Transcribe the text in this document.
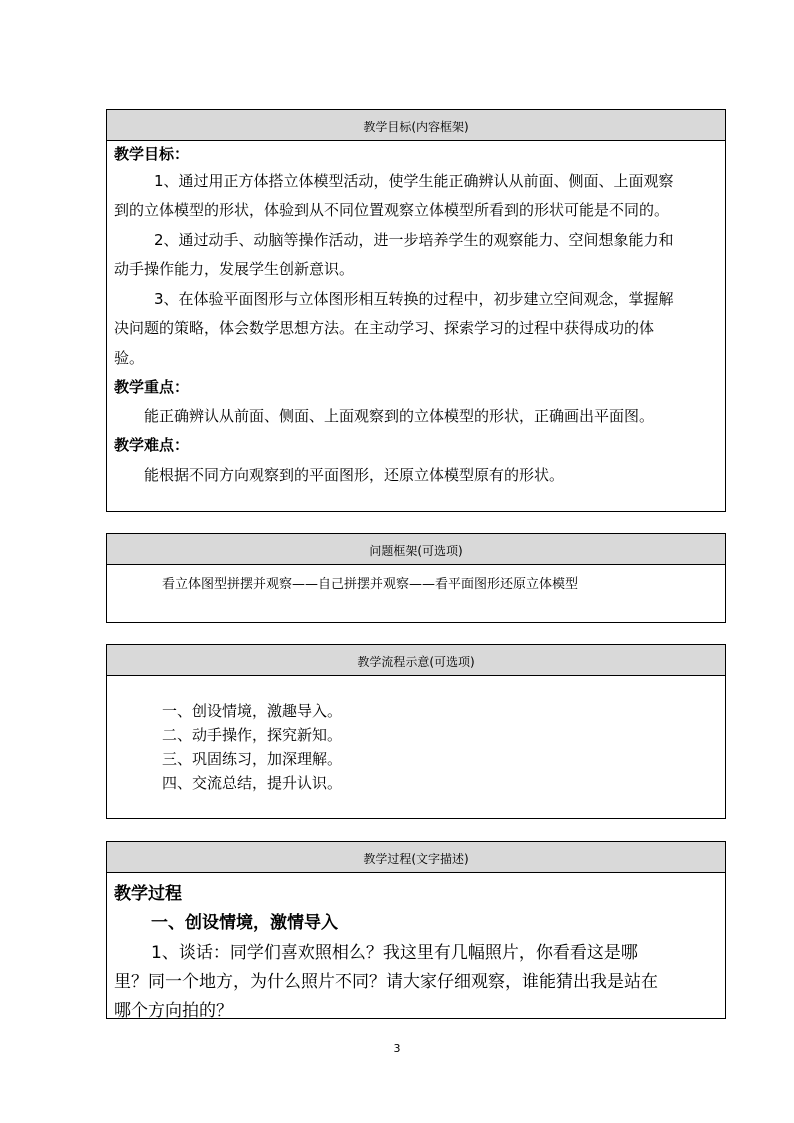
教学目标(内容框架)
教学目标：
1、通过用正方体搭立体模型活动，使学生能正确辨认从前面、侧面、上面观察
到的立体模型的形状，体验到从不同位置观察立体模型所看到的形状可能是不同的。
2、通过动手、动脑等操作活动，进一步培养学生的观察能力、空间想象能力和
动手操作能力，发展学生创新意识。
3、在体验平面图形与立体图形相互转换的过程中，初步建立空间观念，掌握解
决问题的策略，体会数学思想方法。在主动学习、探索学习的过程中获得成功的体
验。
教学重点：
能正确辨认从前面、侧面、上面观察到的立体模型的形状，正确画出平面图。
教学难点：
能根据不同方向观察到的平面图形，还原立体模型原有的形状。
问题框架(可选项)
看立体图型拼摆并观察——自己拼摆并观察——看平面图形还原立体模型
教学流程示意(可选项)
一、创设情境，激趣导入。
二、动手操作，探究新知。
三、巩固练习，加深理解。
四、交流总结，提升认识。
教学过程(文字描述)
教学过程
一、创设情境，激情导入
1、谈话：同学们喜欢照相么？我这里有几幅照片，你看看这是哪
里？同一个地方，为什么照片不同？请大家仔细观察，谁能猜出我是站在
哪个方向拍的？
3
